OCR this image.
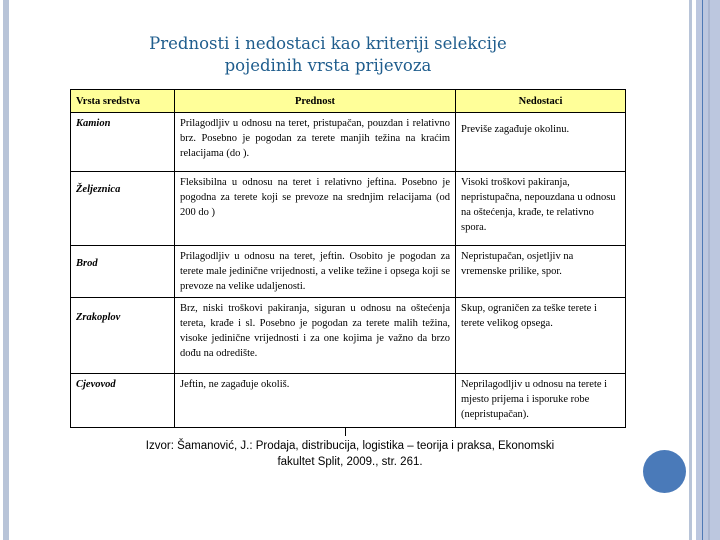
Prednosti i nedostaci kao kriteriji selekcije
pojedinih vrsta prijevoza
Vrsta sredstva	Prednost	Nedostaci
Kamion	Prilagodljiv u odnosu na teret, pristupačan, pouzdan i relativno brz. Posebno je pogodan za terete manjih težina na kraćim relacijama (do ).	Previše zagađuje okolinu.
Željeznica	Fleksibilna u odnosu na teret i relativno jeftina. Posebno je pogodna za terete koji se prevoze na srednjim relacijama (od 200 do )	Visoki troškovi pakiranja, nepristupačna, nepouzdana u odnosu na oštećenja, krađe, te relativno spora.
Brod	Prilagodljiv u odnosu na teret, jeftin. Osobito je pogodan za terete male jedinične vrijednosti, a velike težine i opsega koji se prevoze na velike udaljenosti.	Nepristupačan, osjetljiv na vremenske prilike, spor.
Zrakoplov	Brz, niski troškovi pakiranja, siguran u odnosu na oštećenja tereta, krađe i sl. Posebno je pogodan za terete malih težina, visoke jedinične vrijednosti i za one kojima je važno da brzo dođu na odredište.	Skup, ograničen za teške terete i terete velikog opsega.
Cjevovod	Jeftin, ne zagađuje okoliš.	Neprilagodljiv u odnosu na terete i mjesto prijema i isporuke robe (nepristupačan).
Izvor: Šamanović, J.: Prodaja, distribucija, logistika – teorija i praksa, Ekonomski
fakultet Split, 2009., str. 261.
